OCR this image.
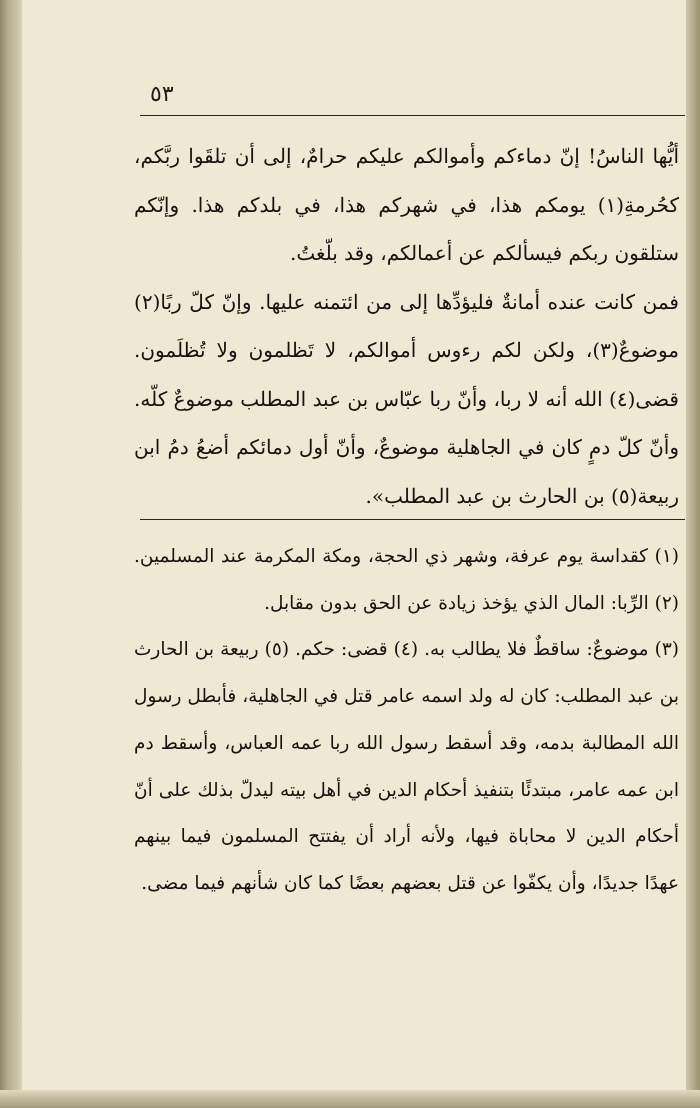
٥٣

أيُّها الناسُ! إنّ دماءكم وأموالكم عليكم حرامٌ، إلى أن تلقَوا ربَّكم، كحُرمةِ(١) يومكم هذا، في شهركم هذا، في بلدكم هذا. وإنّكم ستلقون ربكم فيسألكم عن أعمالكم، وقد بلّغتُ.

فمن كانت عنده أمانةٌ فليؤدِّها إلى من ائتمنه عليها. وإنّ كلّ ربًا(٢) موضوعٌ(٣)، ولكن لكم رءوس أموالكم، لا تَظلمون ولا تُظلَمون. قضى(٤) الله أنه لا ربا، وأنّ ربا عبّاس بن عبد المطلب موضوعٌ كلّه. وأنّ كلّ دمٍ كان في الجاهلية موضوعٌ، وأنّ أول دمائكم أضعُ دمُ ابن ربيعة(٥) بن الحارث بن عبد المطلب».

(١) كقداسة يوم عرفة، وشهر ذي الحجة، ومكة المكرمة عند المسلمين. (٢) الرِّبا: المال الذي يؤخذ زيادة عن الحق بدون مقابل.

(٣) موضوعٌ: ساقطٌ فلا يطالب به. (٤) قضى: حكم. (٥) ربيعة بن الحارث بن عبد المطلب: كان له ولد اسمه عامر قتل في الجاهلية، فأبطل رسول الله المطالبة بدمه، وقد أسقط رسول الله ربا عمه العباس، وأسقط دم ابن عمه عامر، مبتدئًا بتنفيذ أحكام الدين في أهل بيته ليدلّ بذلك على أنّ أحكام الدين لا محاباة فيها، ولأنه أراد أن يفتتح المسلمون فيما بينهم عهدًا جديدًا، وأن يكفّوا عن قتل بعضهم بعضًا كما كان شأنهم فيما مضى.
